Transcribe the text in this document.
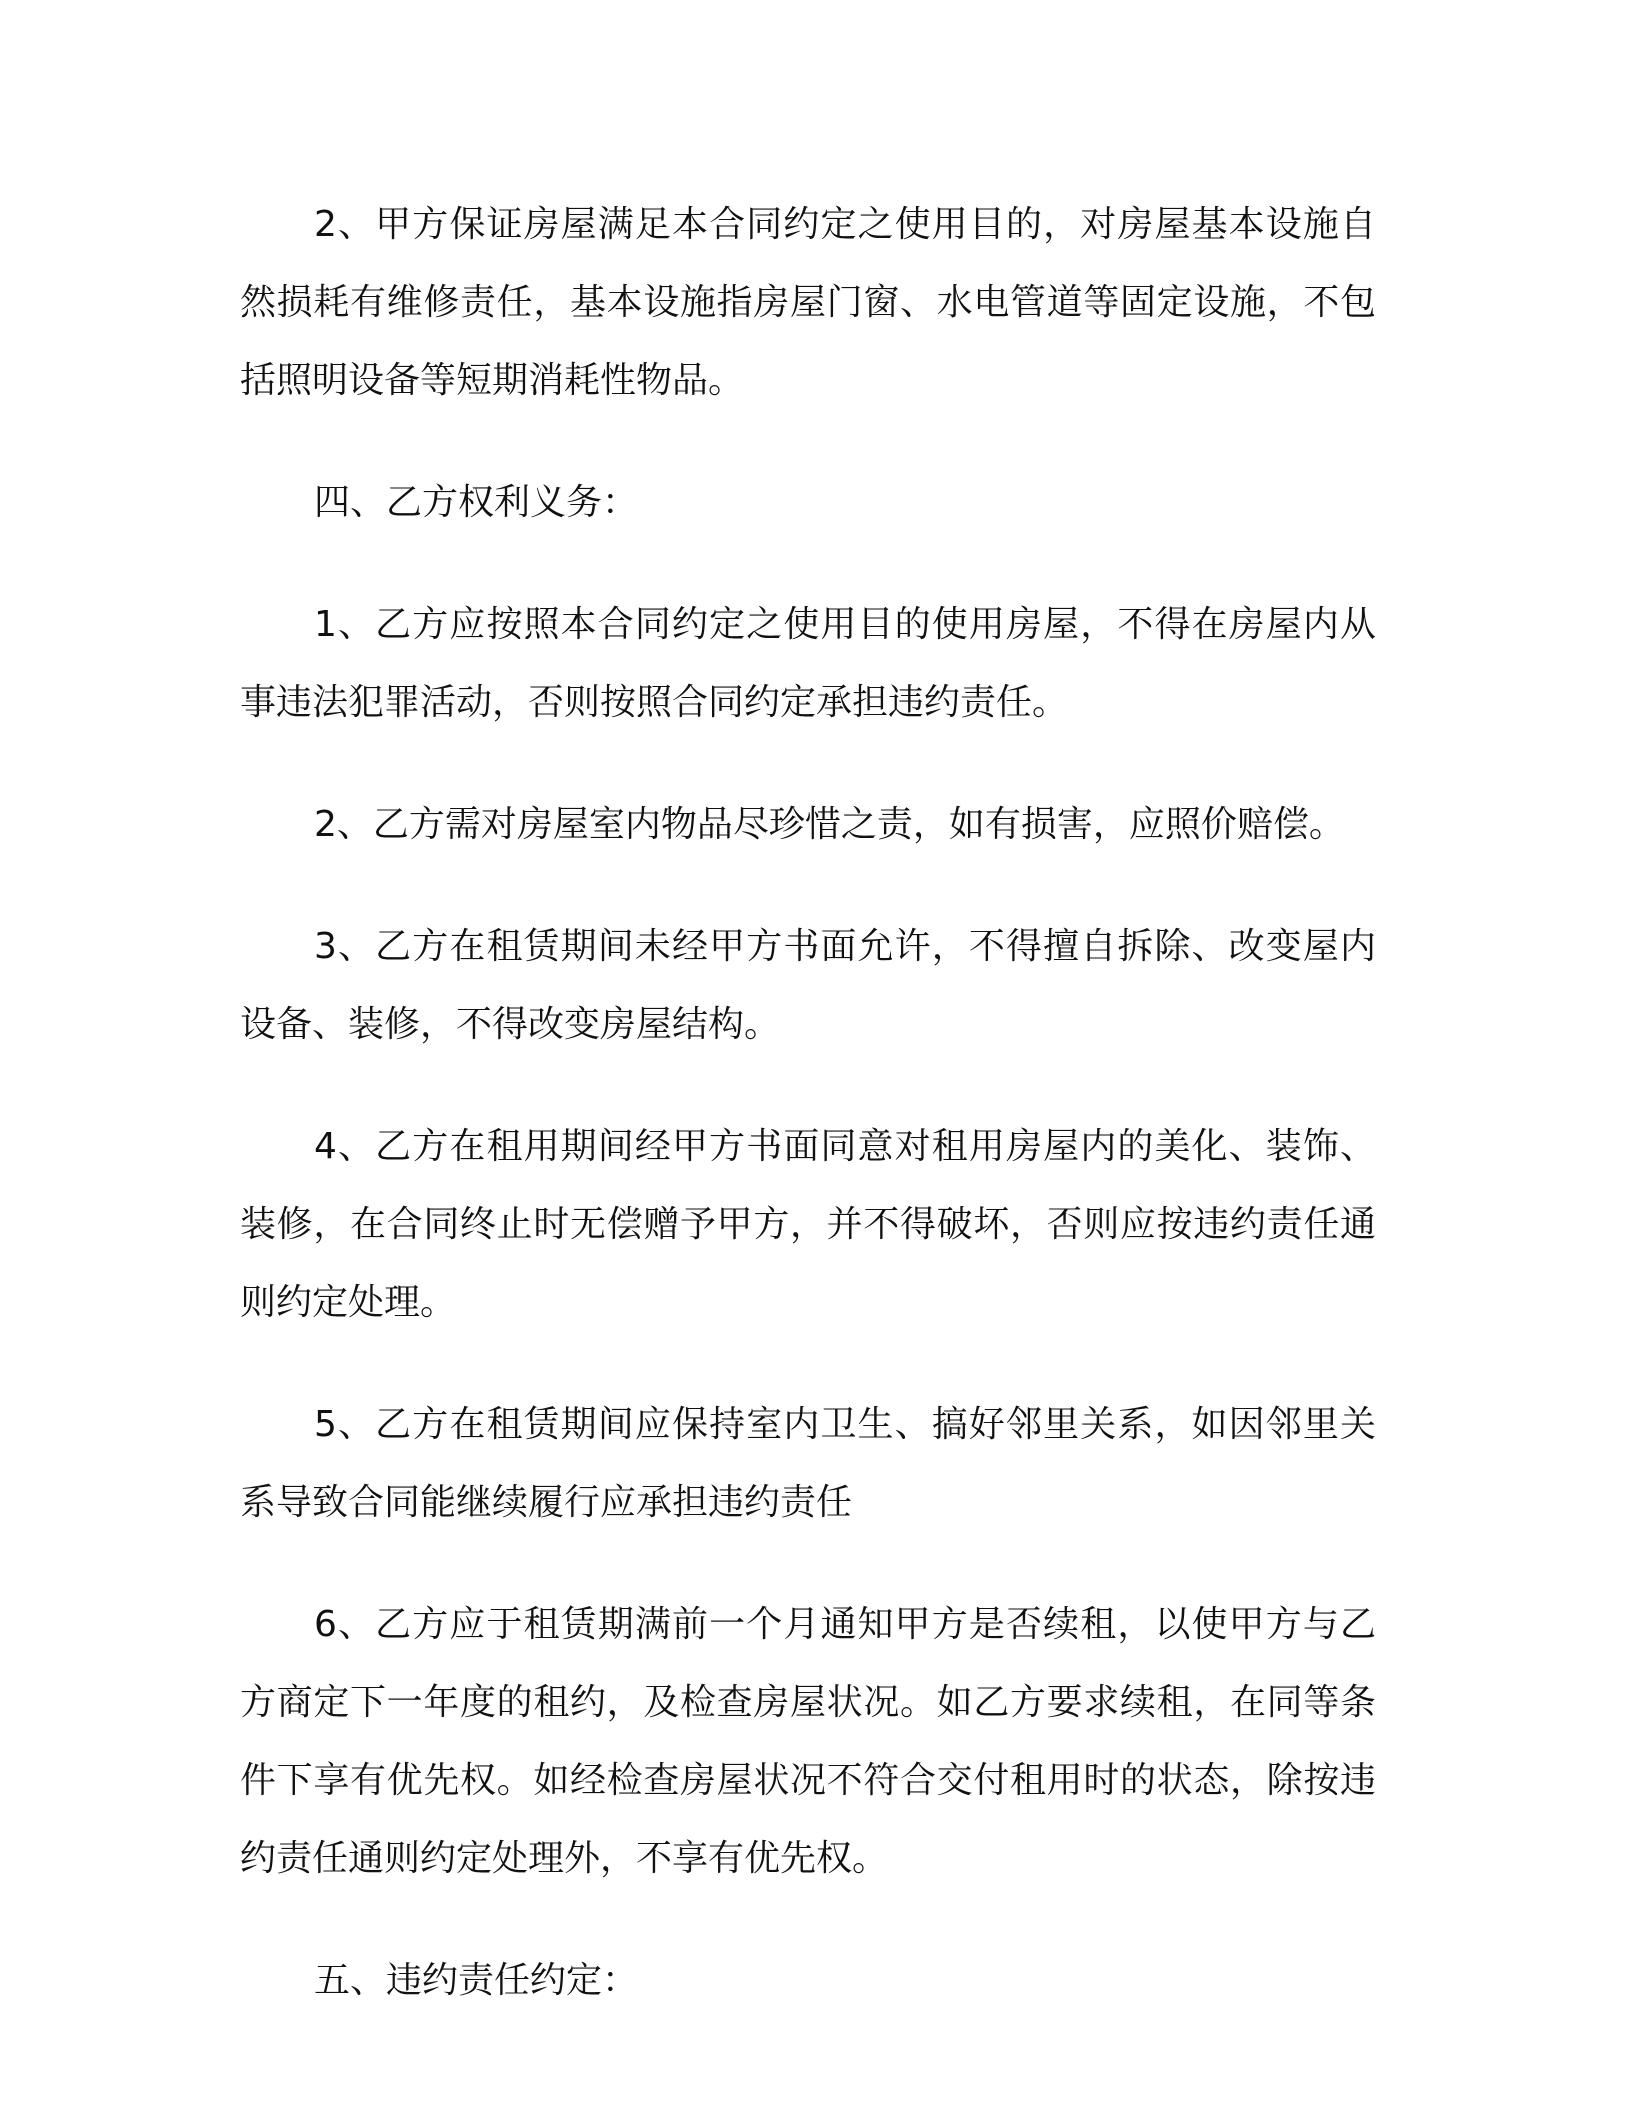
2、甲方保证房屋满足本合同约定之使用目的，对房屋基本设施自然损耗有维修责任，基本设施指房屋门窗、水电管道等固定设施，不包括照明设备等短期消耗性物品。

四、乙方权利义务：

1、乙方应按照本合同约定之使用目的使用房屋，不得在房屋内从事违法犯罪活动，否则按照合同约定承担违约责任。

2、乙方需对房屋室内物品尽珍惜之责，如有损害，应照价赔偿。

3、乙方在租赁期间未经甲方书面允许，不得擅自拆除、改变屋内设备、装修，不得改变房屋结构。

4、乙方在租用期间经甲方书面同意对租用房屋内的美化、装饰、装修，在合同终止时无偿赠予甲方，并不得破坏，否则应按违约责任通则约定处理。

5、乙方在租赁期间应保持室内卫生、搞好邻里关系，如因邻里关系导致合同能继续履行应承担违约责任

6、乙方应于租赁期满前一个月通知甲方是否续租，以使甲方与乙方商定下一年度的租约，及检查房屋状况。如乙方要求续租，在同等条件下享有优先权。如经检查房屋状况不符合交付租用时的状态，除按违约责任通则约定处理外，不享有优先权。

五、违约责任约定：
